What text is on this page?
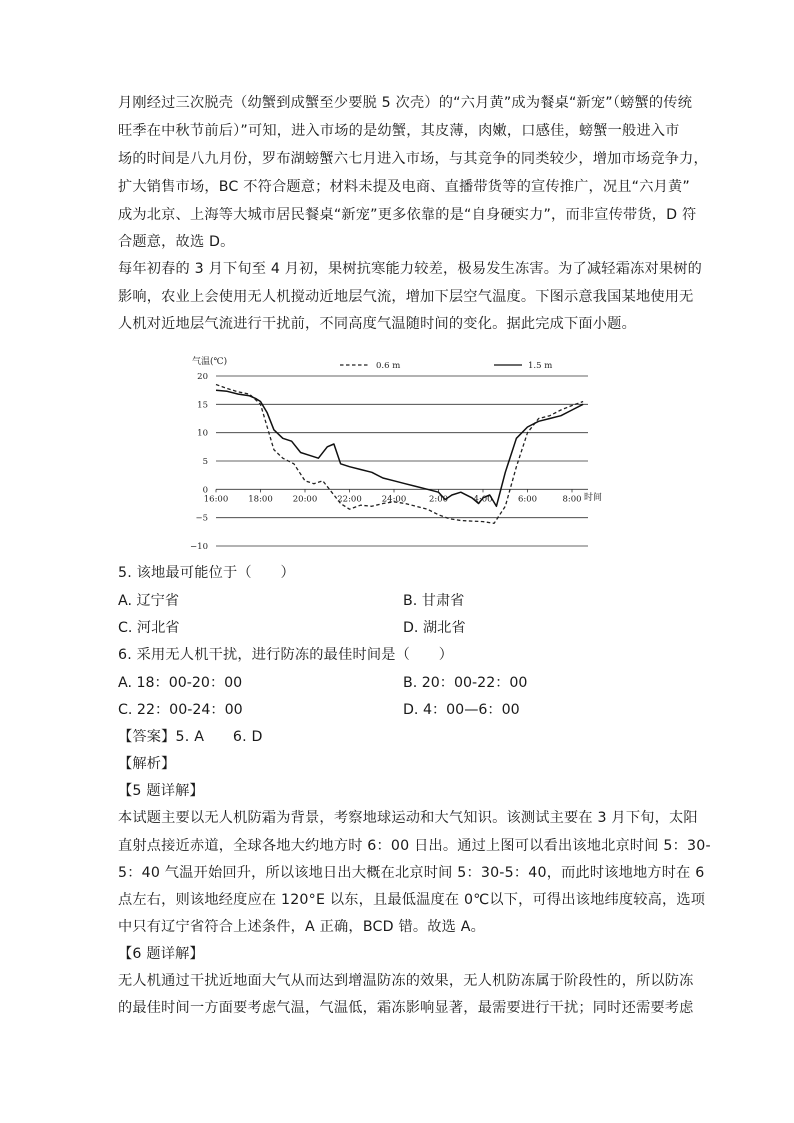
月刚经过三次脱壳（幼蟹到成蟹至少要脱 5 次壳）的“六月黄”成为餐桌“新宠”（螃蟹的传统
旺季在中秋节前后）”可知，进入市场的是幼蟹，其皮薄，肉嫩，口感佳，螃蟹一般进入市
场的时间是八九月份，罗布湖螃蟹六七月进入市场，与其竞争的同类较少，增加市场竞争力，
扩大销售市场，BC 不符合题意；材料未提及电商、直播带货等的宣传推广，况且“六月黄”
成为北京、上海等大城市居民餐桌“新宠”更多依靠的是“自身硬实力”，而非宣传带货，D 符
合题意，故选 D。
每年初春的 3 月下旬至 4 月初，果树抗寒能力较差，极易发生冻害。为了减轻霜冻对果树的
影响，农业上会使用无人机搅动近地层气流，增加下层空气温度。下图示意我国某地使用无
人机对近地层气流进行干扰前，不同高度气温随时间的变化。据此完成下面小题。
20
15
10
5
0
−5
−10
16:00 18:00 20:00 22:00 24:00	2:00	4:00	6:00	8:00
0.6 m	1.5 m
气温(℃)
时间
5. 该地最可能位于（　　）
A. 辽宁省	B. 甘肃省
C. 河北省	D. 湖北省
6. 采用无人机干扰，进行防冻的最佳时间是（　　）
A. 18：00-20：00	B. 20：00-22：00
C. 22：00-24：00	D. 4：00—6：00
【答案】5. A　　6. D
【解析】
【5 题详解】
本试题主要以无人机防霜为背景，考察地球运动和大气知识。该测试主要在 3 月下旬，太阳
直射点接近赤道，全球各地大约地方时 6：00 日出。通过上图可以看出该地北京时间 5：30-
5：40 气温开始回升，所以该地日出大概在北京时间 5：30-5：40，而此时该地地方时在 6
点左右，则该地经度应在 120°E 以东，且最低温度在 0℃以下，可得出该地纬度较高，选项
中只有辽宁省符合上述条件，A 正确，BCD 错。故选 A。
【6 题详解】
无人机通过干扰近地面大气从而达到增温防冻的效果，无人机防冻属于阶段性的，所以防冻
的最佳时间一方面要考虑气温，气温低，霜冻影响显著，最需要进行干扰；同时还需要考虑
